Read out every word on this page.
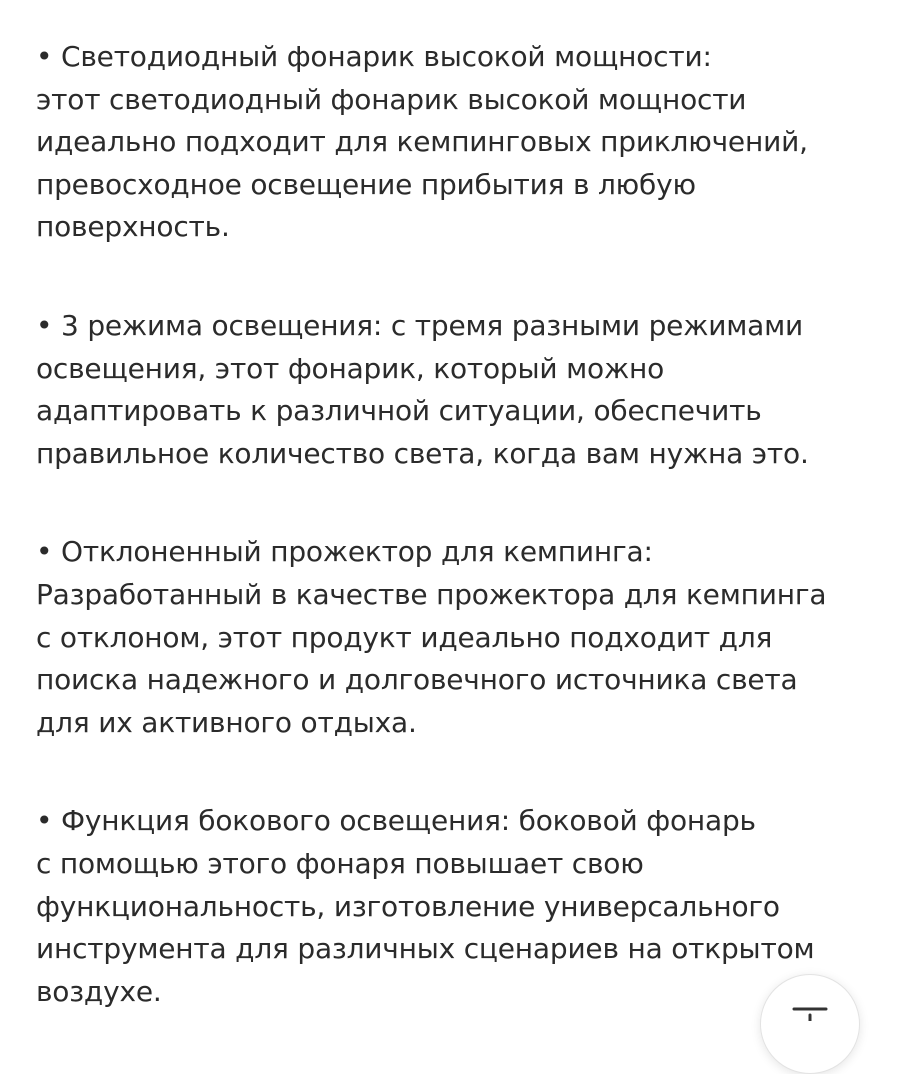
• Светодиодный фонарик высокой мощности:
этот светодиодный фонарик высокой мощности
идеально подходит для кемпинговых приключений,
превосходное освещение прибытия в любую
поверхность.

• 3 режима освещения: с тремя разными режимами
освещения, этот фонарик, который можно
адаптировать к различной ситуации, обеспечить
правильное количество света, когда вам нужна это.

• Отклоненный прожектор для кемпинга:
Разработанный в качестве прожектора для кемпинга
с отклоном, этот продукт идеально подходит для
поиска надежного и долговечного источника света
для их активного отдыха.

• Функция бокового освещения: боковой фонарь
с помощью этого фонаря повышает свою
функциональность, изготовление универсального
инструмента для различных сценариев на открытом
воздухе.
